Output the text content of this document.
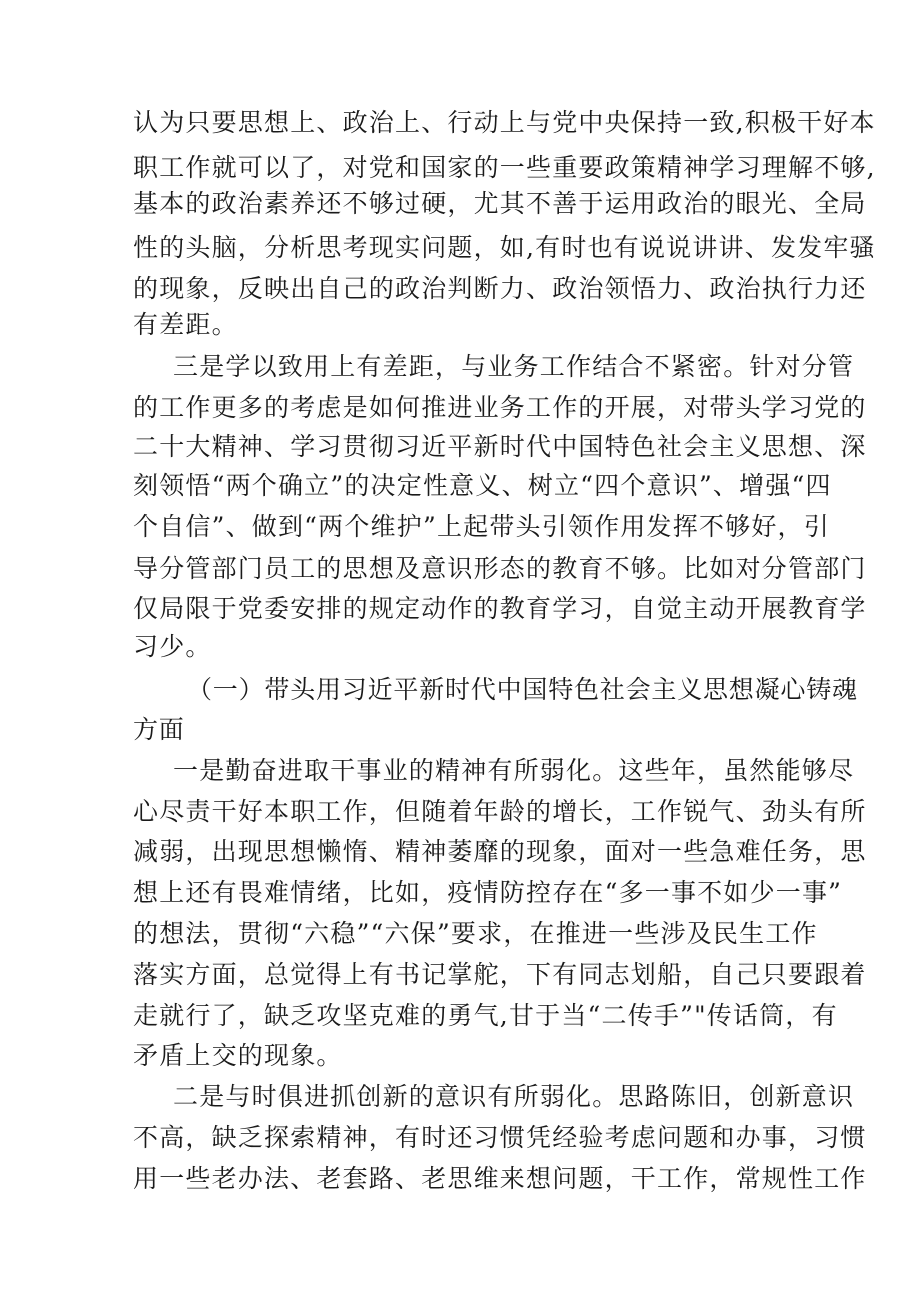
认为只要思想上、政治上、行动上与党中央保持一致,积极干好本
职工作就可以了，对党和国家的一些重要政策精神学习理解不够,
基本的政治素养还不够过硬，尤其不善于运用政治的眼光、全局
性的头脑，分析思考现实问题，如,有时也有说说讲讲、发发牢骚
的现象，反映出自己的政治判断力、政治领悟力、政治执行力还
有差距。
三是学以致用上有差距，与业务工作结合不紧密。针对分管
的工作更多的考虑是如何推进业务工作的开展，对带头学习党的
二十大精神、学习贯彻习近平新时代中国特色社会主义思想、深
刻领悟“两个确立”的决定性意义、树立“四个意识”、增强“四
个自信”、做到“两个维护”上起带头引领作用发挥不够好，引
导分管部门员工的思想及意识形态的教育不够。比如对分管部门
仅局限于党委安排的规定动作的教育学习，自觉主动开展教育学
习少。
（一）带头用习近平新时代中国特色社会主义思想凝心铸魂
方面
一是勤奋进取干事业的精神有所弱化。这些年，虽然能够尽
心尽责干好本职工作，但随着年龄的增长，工作锐气、劲头有所
减弱，出现思想懒惰、精神萎靡的现象，面对一些急难任务，思
想上还有畏难情绪，比如，疫情防控存在“多一事不如少一事”
的想法，贯彻“六稳”“六保”要求，在推进一些涉及民生工作
落实方面，总觉得上有书记掌舵，下有同志划船，自己只要跟着
走就行了，缺乏攻坚克难的勇气,甘于当“二传手”"传话筒，有
矛盾上交的现象。
二是与时俱进抓创新的意识有所弱化。思路陈旧，创新意识
不高，缺乏探索精神，有时还习惯凭经验考虑问题和办事，习惯
用一些老办法、老套路、老思维来想问题，干工作，常规性工作
